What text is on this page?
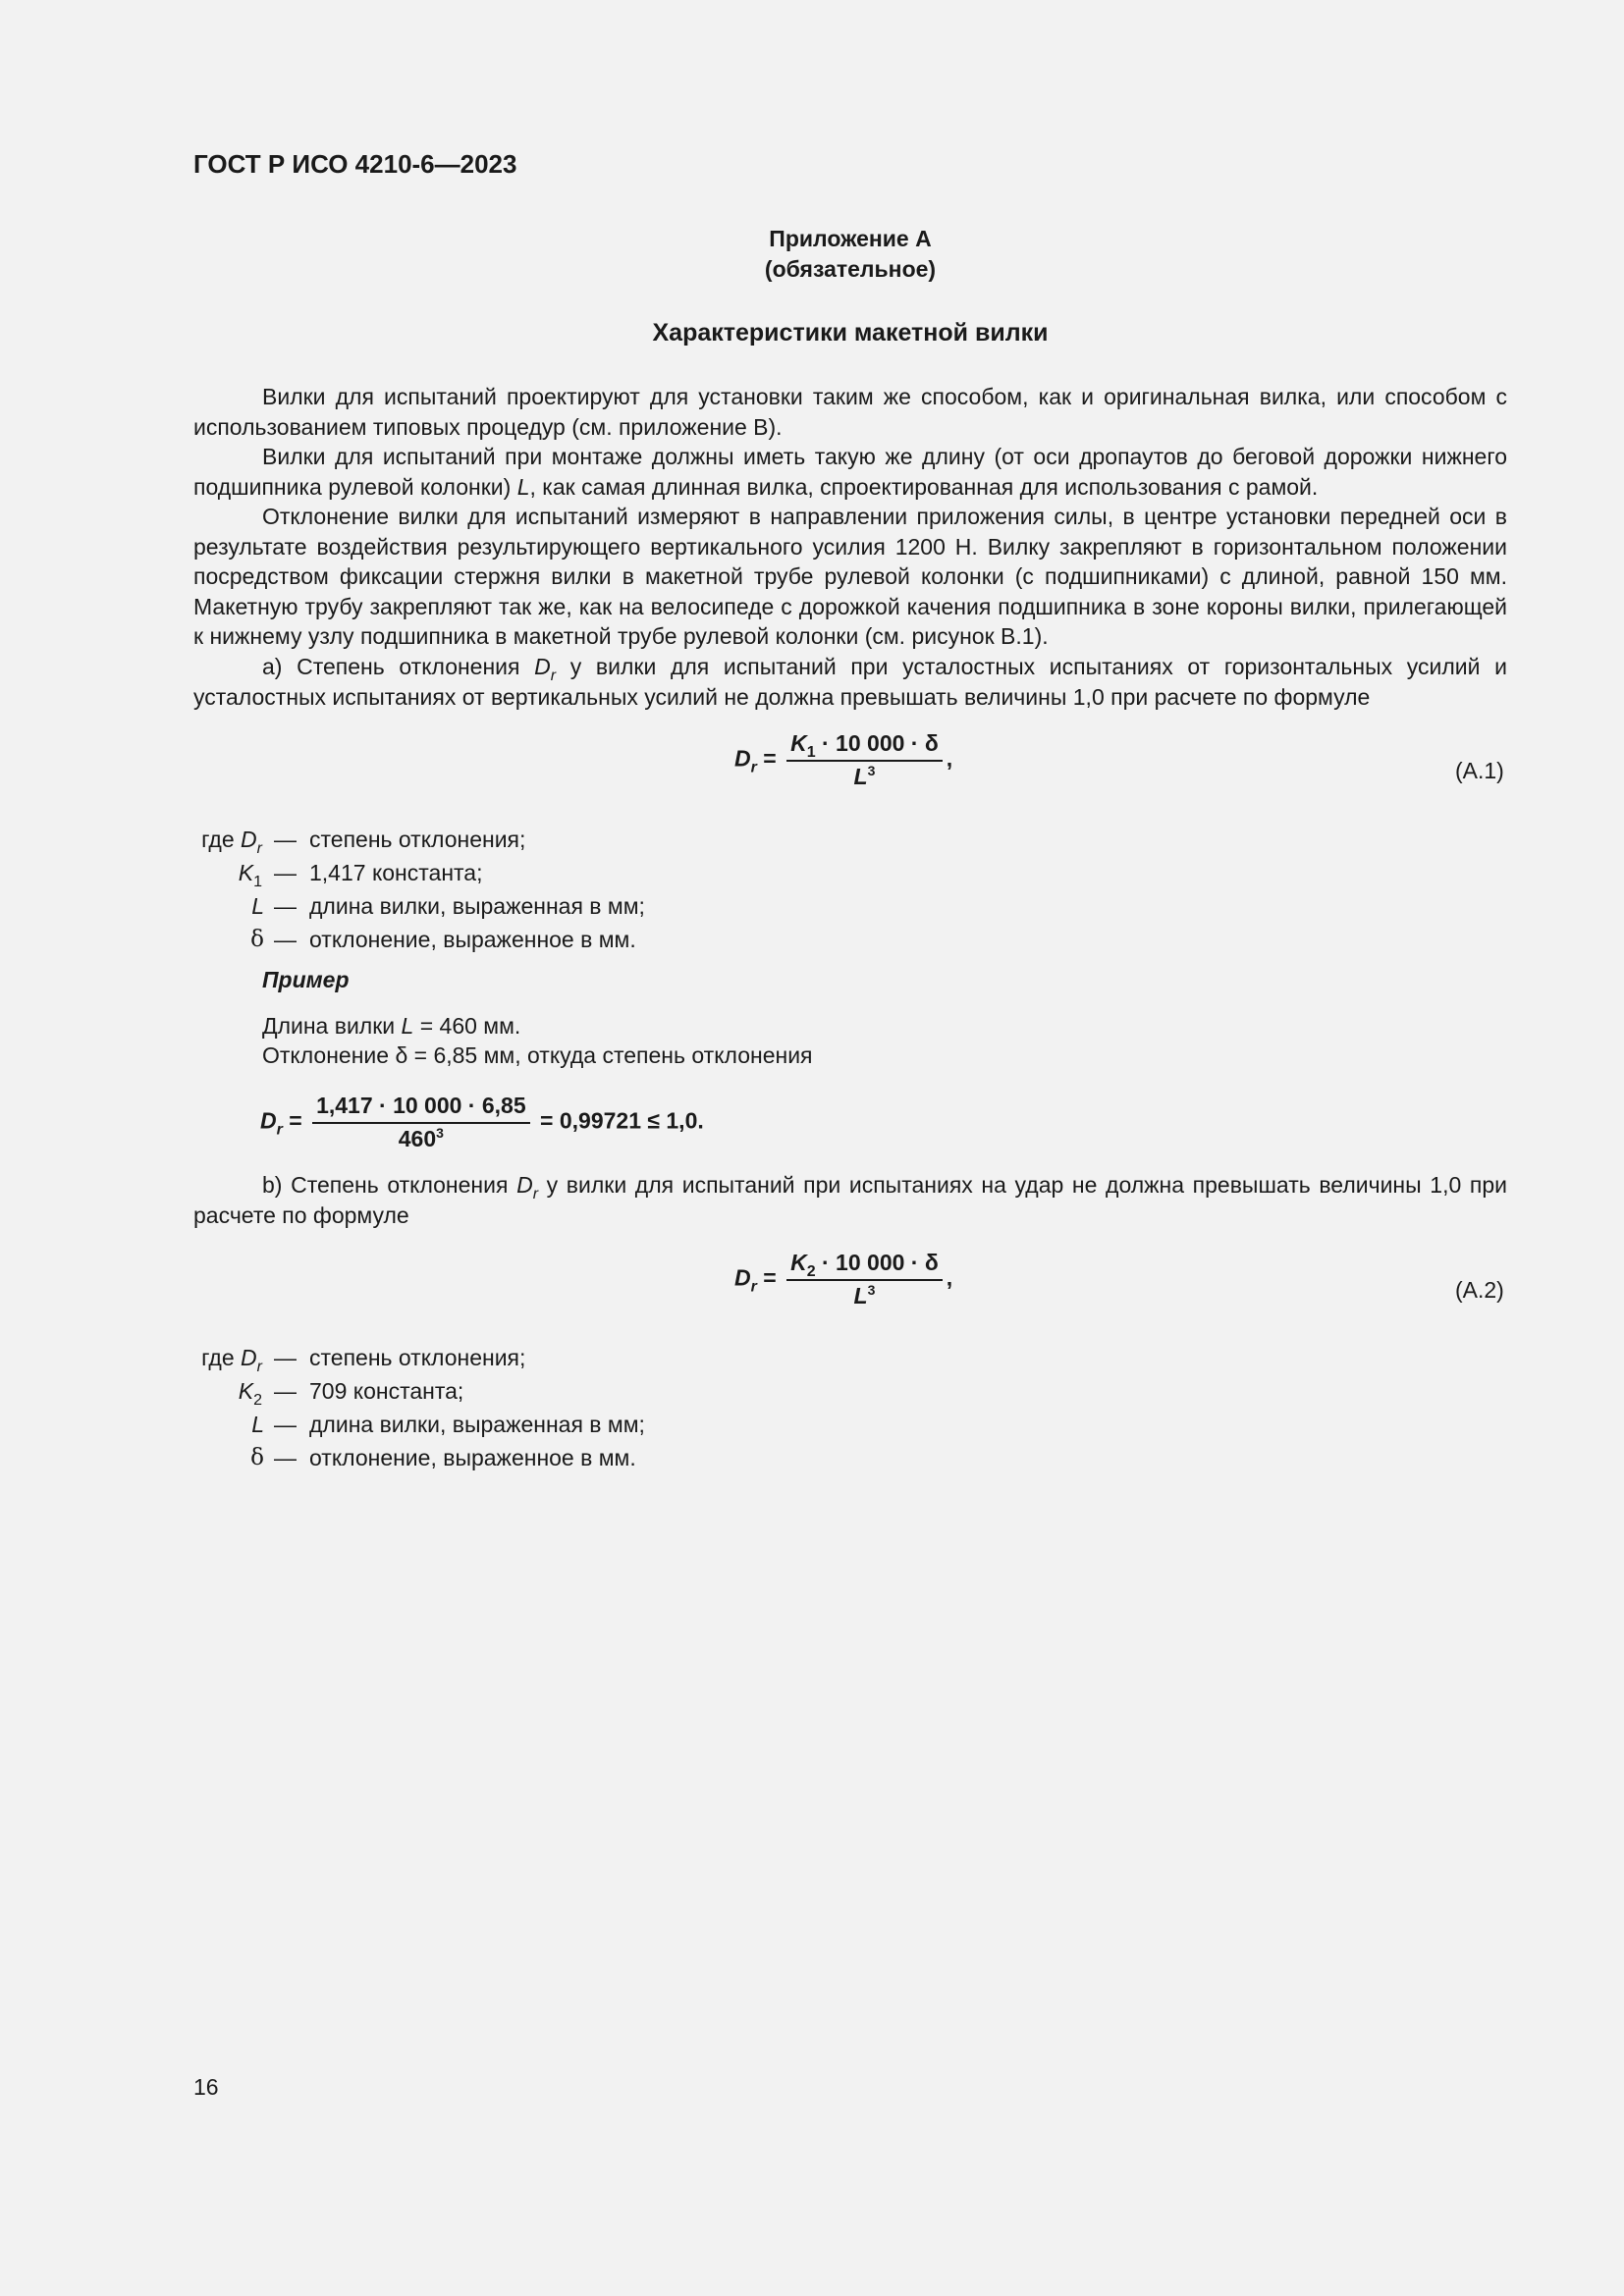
ГОСТ Р ИСО 4210-6—2023
Приложение А
(обязательное)
Характеристики макетной вилки
Вилки для испытаний проектируют для установки таким же способом, как и оригинальная вилка, или способом с использованием типовых процедур (см. приложение В).
Вилки для испытаний при монтаже должны иметь такую же длину (от оси дропаутов до беговой дорожки нижнего подшипника рулевой колонки) L, как самая длинная вилка, спроектированная для использования с рамой.
Отклонение вилки для испытаний измеряют в направлении приложения силы, в центре установки передней оси в результате воздействия результирующего вертикального усилия 1200 Н. Вилку закрепляют в горизонтальном положении посредством фиксации стержня вилки в макетной трубе рулевой колонки (с подшипниками) с длиной, равной 150 мм. Макетную трубу закрепляют так же, как на велосипеде с дорожкой качения подшипника в зоне короны вилки, прилегающей к нижнему узлу подшипника в макетной трубе рулевой колонки (см. рисунок В.1).
а) Степень отклонения $D_r$ у вилки для испытаний при усталостных испытаниях от горизонтальных усилий и усталостных испытаниях от вертикальных усилий не должна превышать величины 1,0 при расчете по формуле
$D_r = \frac{K_1 \cdot 10 000 \cdot \delta}{L^3}$ ,	(А.1)
где $D_r$ — степень отклонения;
$K_1$ — 1,417 константа;
L — длина вилки, выраженная в мм;
δ — отклонение, выраженное в мм.
Пример
Длина вилки L = 460 мм.
Отклонение δ = 6,85 мм, откуда степень отклонения
$D_r = \frac{1,417 \cdot 10 000 \cdot 6,85}{460^3} = 0,99721 \le 1,0$.
b) Степень отклонения $D_r$ у вилки для испытаний при испытаниях на удар не должна превышать величины 1,0 при расчете по формуле
$D_r = \frac{K_2 \cdot 10 000 \cdot \delta}{L^3}$ ,	(А.2)
где $D_r$ — степень отклонения;
$K_2$ — 709 константа;
L — длина вилки, выраженная в мм;
δ — отклонение, выраженное в мм.
16
